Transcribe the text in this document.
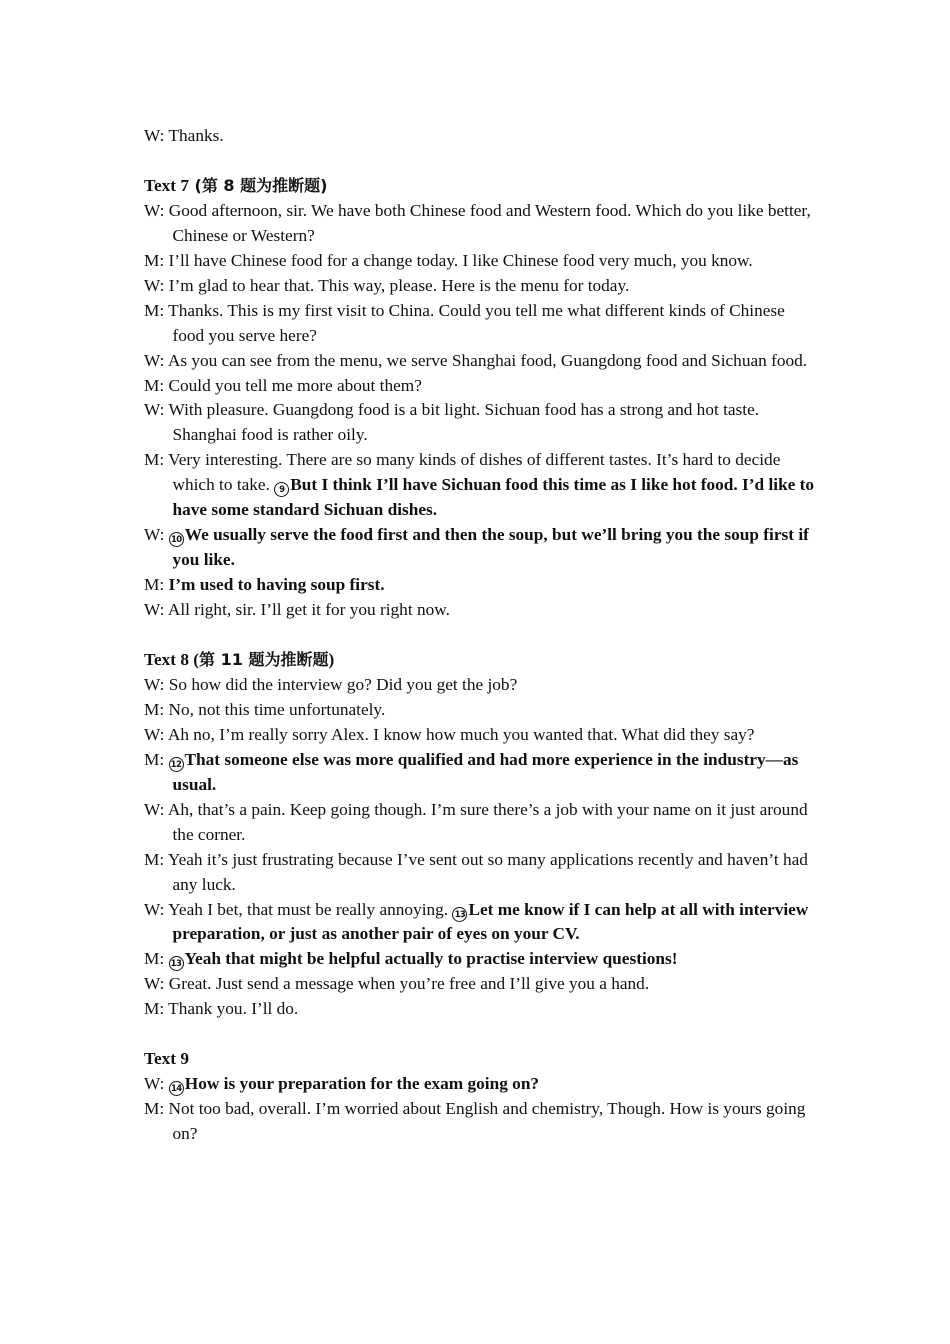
W: Thanks.
Text 7 (第 8 题为推断题)
W: Good afternoon, sir. We have both Chinese food and Western food. Which do you like better, Chinese or Western?
M: I’ll have Chinese food for a change today. I like Chinese food very much, you know.
W: I’m glad to hear that. This way, please. Here is the menu for today.
M: Thanks. This is my first visit to China. Could you tell me what different kinds of Chinese food you serve here?
W: As you can see from the menu, we serve Shanghai food, Guangdong food and Sichuan food.
M: Could you tell me more about them?
W: With pleasure. Guangdong food is a bit light. Sichuan food has a strong and hot taste. Shanghai food is rather oily.
M: Very interesting. There are so many kinds of dishes of different tastes. It’s hard to decide which to take. 9 But I think I’ll have Sichuan food this time as I like hot food. I’d like to have some standard Sichuan dishes.
W: 10 We usually serve the food first and then the soup, but we’ll bring you the soup first if you like.
M: I’m used to having soup first.
W: All right, sir. I’ll get it for you right now.
Text 8 (第 11 题为推断题)
W: So how did the interview go? Did you get the job?
M: No, not this time unfortunately.
W: Ah no, I’m really sorry Alex. I know how much you wanted that. What did they say?
M: 12 That someone else was more qualified and had more experience in the industry—as usual.
W: Ah, that’s a pain. Keep going though. I’m sure there’s a job with your name on it just around the corner.
M: Yeah it’s just frustrating because I’ve sent out so many applications recently and haven’t had any luck.
W: Yeah I bet, that must be really annoying. 13 Let me know if I can help at all with interview preparation, or just as another pair of eyes on your CV.
M: 13 Yeah that might be helpful actually to practise interview questions!
W: Great. Just send a message when you’re free and I’ll give you a hand.
M: Thank you. I’ll do.
Text 9
W: 14 How is your preparation for the exam going on?
M: Not too bad, overall. I’m worried about English and chemistry, Though. How is yours going on?
